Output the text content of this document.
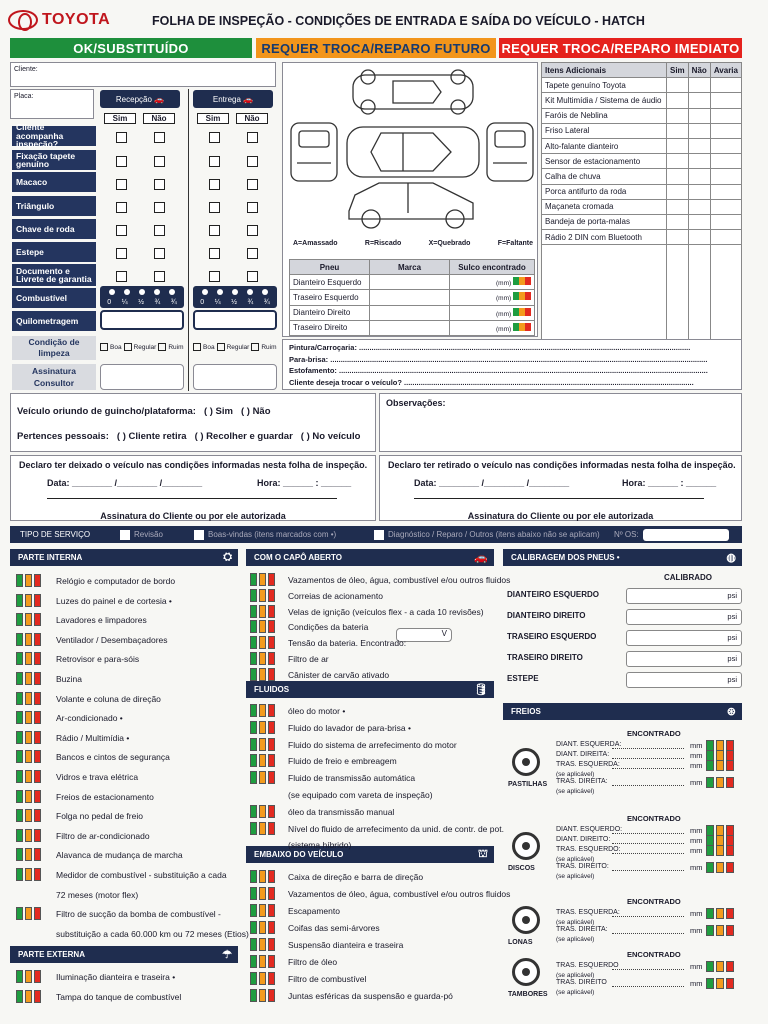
TOYOTA	FOLHA DE INSPEÇÃO - CONDIÇÕES DE ENTRADA E SAÍDA DO VEÍCULO - HATCH
OK/SUBSTITUÍDO	REQUER TROCA/REPARO FUTURO REQUER TROCA/REPARO IMEDIATO
Cliente:
Placa:	Recepção 🚗	Entrega 🚗
Sim	Não	Sim	Não
Cliente acompanha inspeção?
Fixação tapete genuíno
Macaco
Triângulo
Chave de roda
Estepe
Documento e Livrete de garantia
Combustível
Quilometragem
0 ¼ ½ ¾ ¾	0 ¼ ½ ¾ ¾
Condição de limpeza
Boa Regular Ruim	Boa Regular Ruim
Assinatura Consultor
A=Amassado	R=Riscado	X=Quebrado	F=Faltante
Pneu	Marca	Sulco encontrado
Dianteiro Esquerdo		(mm)
Traseiro Esquerdo		(mm)
Dianteiro Direito		(mm)
Traseiro Direito		(mm)
Itens Adicionais	Sim	Não	Avaria
Tapete genuíno Toyota			
Kit Multimídia / Sistema de áudio			
Faróis de Neblina			
Friso Lateral			
Alto-falante dianteiro			
Sensor de estacionamento			
Calha de chuva			
Porca antifurto da roda			
Maçaneta cromada			
Bandeja de porta-malas			
Rádio 2 DIN com Bluetooth			

Pintura/Carroçaria: ...............................................................................................................................................................
Para-brisa: .....................................................................................................................................................................................
Estofamento: .................................................................................................................................................................................
Cliente deseja trocar o veículo? ...........................................................................................................................................
Veículo oriundo de guincho/plataforma: ( ) Sim ( ) Não
Pertences pessoais: ( ) Cliente retira ( ) Recolher e guardar ( ) No veículo
Observações:
Declaro ter deixado o veículo nas condições informadas nesta folha de inspeção.
Data: ________ /________ /________	Hora: ______ : ______
Assinatura do Cliente ou por ele autorizada
Declaro ter retirado o veículo nas condições informadas nesta folha de inspeção.
Data: ________ /________ /________	Hora: ______ : ______
Assinatura do Cliente ou por ele autorizada
TIPO DE SERVIÇO	Revisão	Boas-vindas (itens marcados com •)	Diagnóstico / Reparo / Outros (itens abaixo não se aplicam)	Nº OS:
PARTE INTERNA	⛭
PARTE EXTERNA	☂
COM O CAPÔ ABERTO	🚗
V
FLUIDOS	🛢
EMBAIXO DO VEÍCULO	⛫
CALIBRAGEM DOS PNEUS •	◍
CALIBRADO
FREIOS	⊛
Relógio e computador de bordo
Luzes do painel e de cortesia •
Lavadores e limpadores
Ventilador / Desembaçadores
Retrovisor e para-sóis
Buzina
Volante e coluna de direção
Ar-condicionado •
Rádio / Multimídia •
Bancos e cintos de segurança
Vidros e trava elétrica
Freios de estacionamento
Folga no pedal de freio
Filtro de ar-condicionado
Alavanca de mudança de marcha
Medidor de combustível - substituição a cada
72 meses (motor flex)
Filtro de sucção da bomba de combustível -
substituição a cada 60.000 km ou 72 meses (Etios)
Iluminação dianteira e traseira •
Tampa do tanque de combustível
Vazamentos de óleo, água, combustível e/ou outros fluidos
Correias de acionamento
Velas de ignição (veículos flex - a cada 10 revisões)
Condições da bateria
Tensão da bateria. Encontrado:
Filtro de ar
Cânister de carvão ativado
óleo do motor •
Fluido do lavador de para-brisa •
Fluido do sistema de arrefecimento do motor
Fluido de freio e embreagem
Fluido de transmissão automática
(se equipado com vareta de inspeção)
óleo da transmissão manual
Nível do fluido de arrefecimento da unid. de contr. de pot.
(sistema híbrido)
Caixa de direção e barra de direção
Vazamentos de óleo, água, combustível e/ou outros fluidos
Escapamento
Coifas das semi-árvores
Suspensão dianteira e traseira
Filtro de óleo
Filtro de combustível
Juntas esféricas da suspensão e guarda-pó
DIANTEIRO ESQUERDO	psi
DIANTEIRO DIREITO	psi
TRASEIRO ESQUERDO	psi
TRASEIRO DIREITO	psi
ESTEPE	psi
ENCONTRADO
PASTILHAS
DIANT. ESQUERDA:	mm
DIANT. DIREITA:	mm
TRAS. ESQUERDA:	mm
(se aplicável)
TRAS. DIREITA:	mm
(se aplicável)
ENCONTRADO
DISCOS
DIANT. ESQUERDO:	mm
DIANT. DIREITO:	mm
TRAS. ESQUERDO:	mm
(se aplicável)
TRAS. DIREITO:	mm
(se aplicável)
ENCONTRADO
LONAS
TRAS. ESQUERDA:	mm
(se aplicável)
TRAS. DIREITA:	mm
(se aplicável)
ENCONTRADO
TAMBORES
TRAS. ESQUERDO	mm
(se aplicável)
TRAS. DIREITO	mm
(se aplicável)
